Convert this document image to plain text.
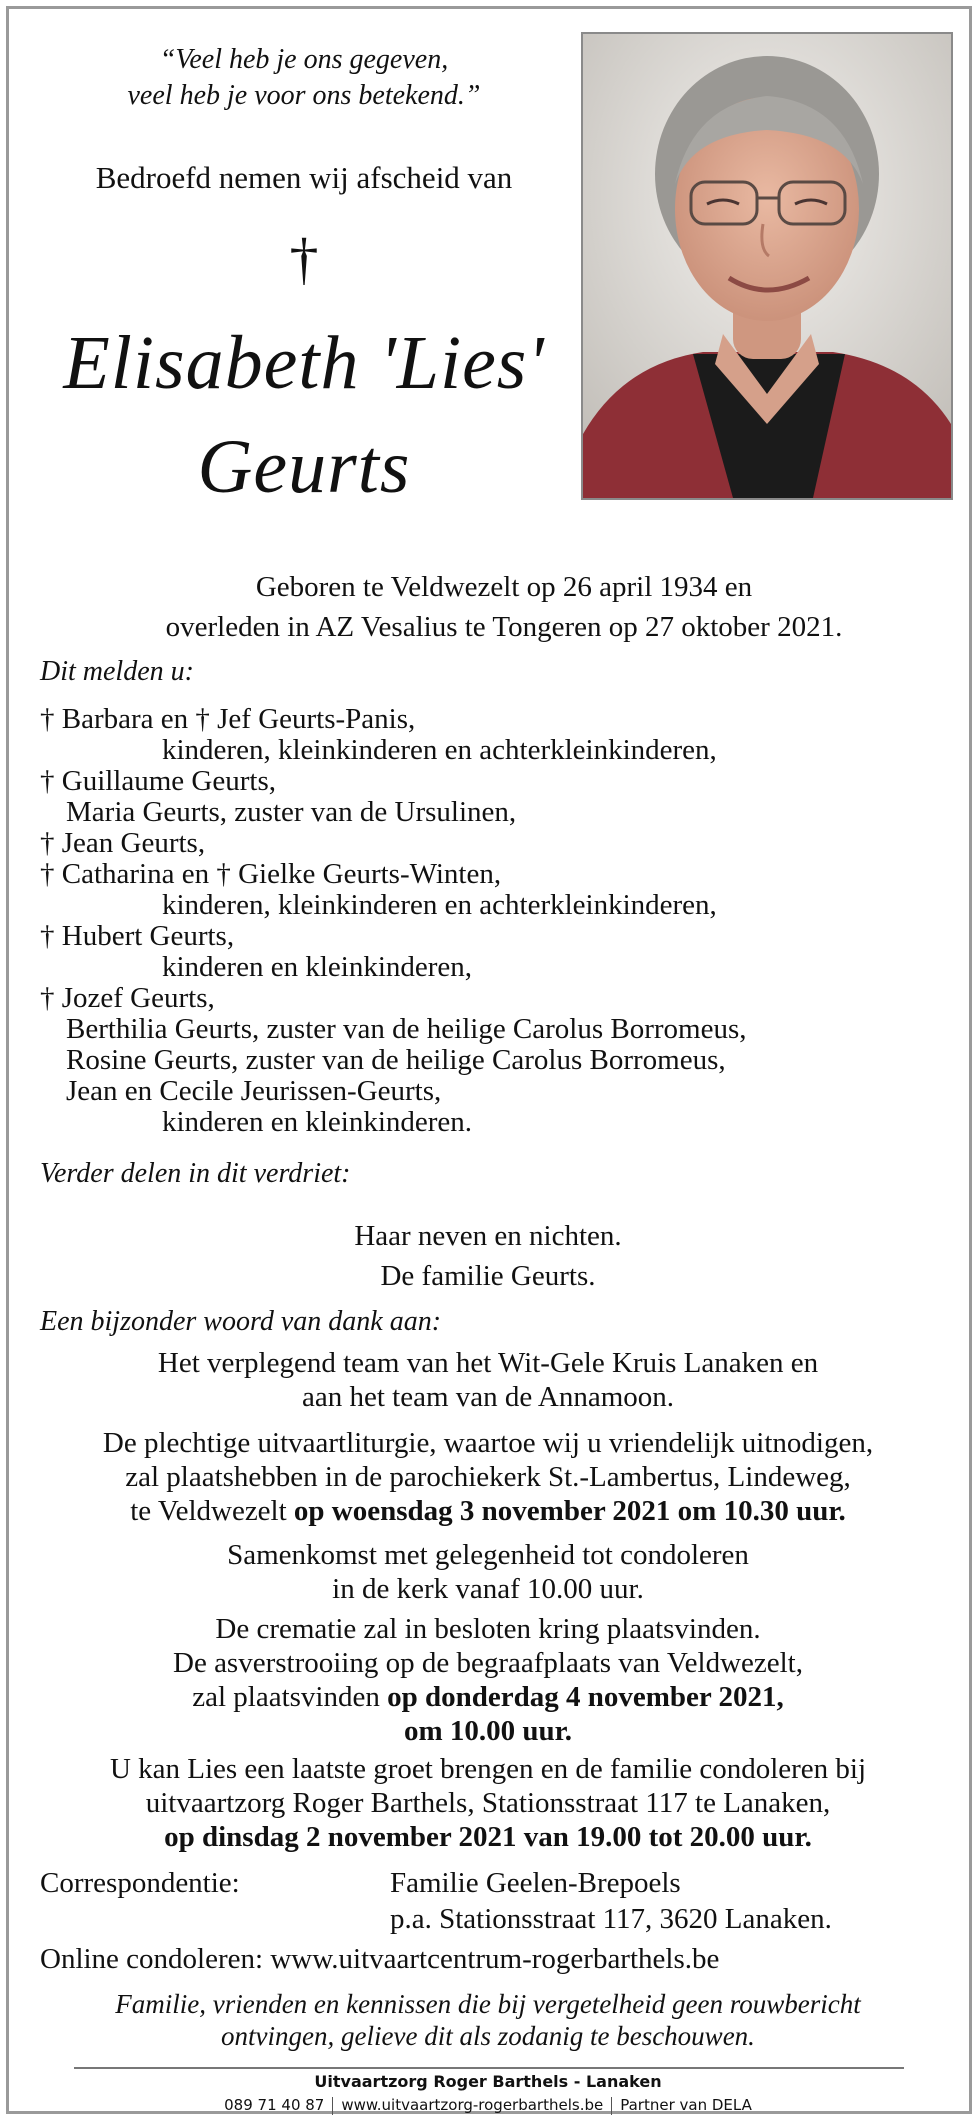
“Veel heb je ons gegeven,
veel heb je voor ons betekend.”
Bedroefd nemen wij afscheid van
†
Elisabeth 'Lies'
Geurts
Geboren te Veldwezelt op 26 april 1934 en
overleden in AZ Vesalius te Tongeren op 27 oktober 2021.
Dit melden u:
† Barbara en † Jef Geurts-Panis,
kinderen, kleinkinderen en achterkleinkinderen,
† Guillaume Geurts,
Maria Geurts, zuster van de Ursulinen,
† Jean Geurts,
† Catharina en † Gielke Geurts-Winten,
kinderen, kleinkinderen en achterkleinkinderen,
† Hubert Geurts,
kinderen en kleinkinderen,
† Jozef Geurts,
Berthilia Geurts, zuster van de heilige Carolus Borromeus,
Rosine Geurts, zuster van de heilige Carolus Borromeus,
Jean en Cecile Jeurissen-Geurts,
kinderen en kleinkinderen.
Verder delen in dit verdriet:
Haar neven en nichten.
De familie Geurts.
Een bijzonder woord van dank aan:
Het verplegend team van het Wit-Gele Kruis Lanaken en
aan het team van de Annamoon.
De plechtige uitvaartliturgie, waartoe wij u vriendelijk uitnodigen,
zal plaatshebben in de parochiekerk St.-Lambertus, Lindeweg,
te Veldwezelt op woensdag 3 november 2021 om 10.30 uur.
Samenkomst met gelegenheid tot condoleren
in de kerk vanaf 10.00 uur.
De crematie zal in besloten kring plaatsvinden.
De asverstrooiing op de begraafplaats van Veldwezelt,
zal plaatsvinden op donderdag 4 november 2021,
om 10.00 uur.
U kan Lies een laatste groet brengen en de familie condoleren bij
uitvaartzorg Roger Barthels, Stationsstraat 117 te Lanaken,
op dinsdag 2 november 2021 van 19.00 tot 20.00 uur.
Correspondentie:	Familie Geelen-Brepoels
p.a. Stationsstraat 117, 3620 Lanaken.
Online condoleren: www.uitvaartcentrum-rogerbarthels.be
Familie, vrienden en kennissen die bij vergetelheid geen rouwbericht
ontvingen, gelieve dit als zodanig te beschouwen.
Uitvaartzorg Roger Barthels - Lanaken
089 71 40 87 www.uitvaartzorg-rogerbarthels.be Partner van DELA
